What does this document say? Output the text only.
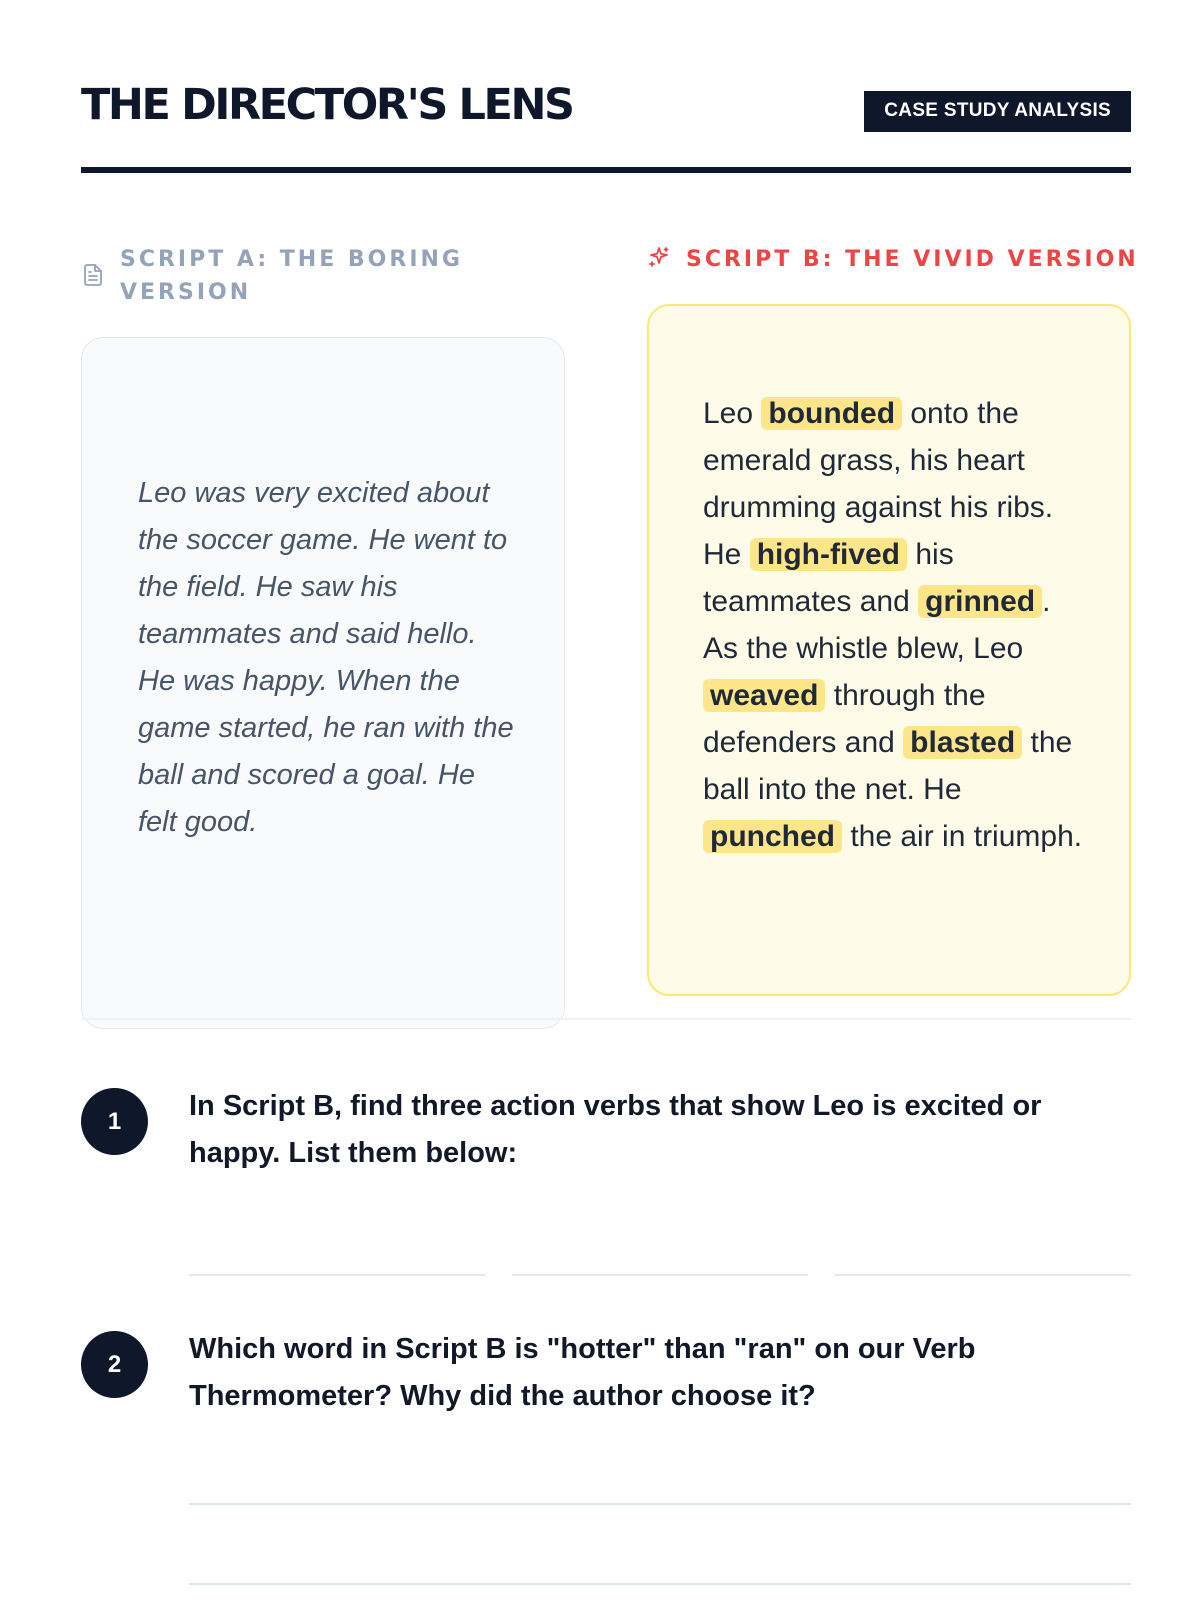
THE DIRECTOR'S LENS	CASE STUDY ANALYSIS
SCRIPT A: THE BORING VERSION
Leo was very excited about the soccer game. He went to the field. He saw his teammates and said hello. He was happy. When the game started, he ran with the ball and scored a goal. He felt good.
SCRIPT B: THE VIVID VERSION
Leo bounded onto the emerald grass, his heart drumming against his ribs. He high-fived his teammates and grinned . As the whistle blew, Leo weaved through the defenders and blasted the ball into the net. He punched the air in triumph.
1	In Script B, find three action verbs that show Leo is excited or happy. List them below:
2	Which word in Script B is "hotter" than "ran" on our Verb Thermometer? Why did the author choose it?
